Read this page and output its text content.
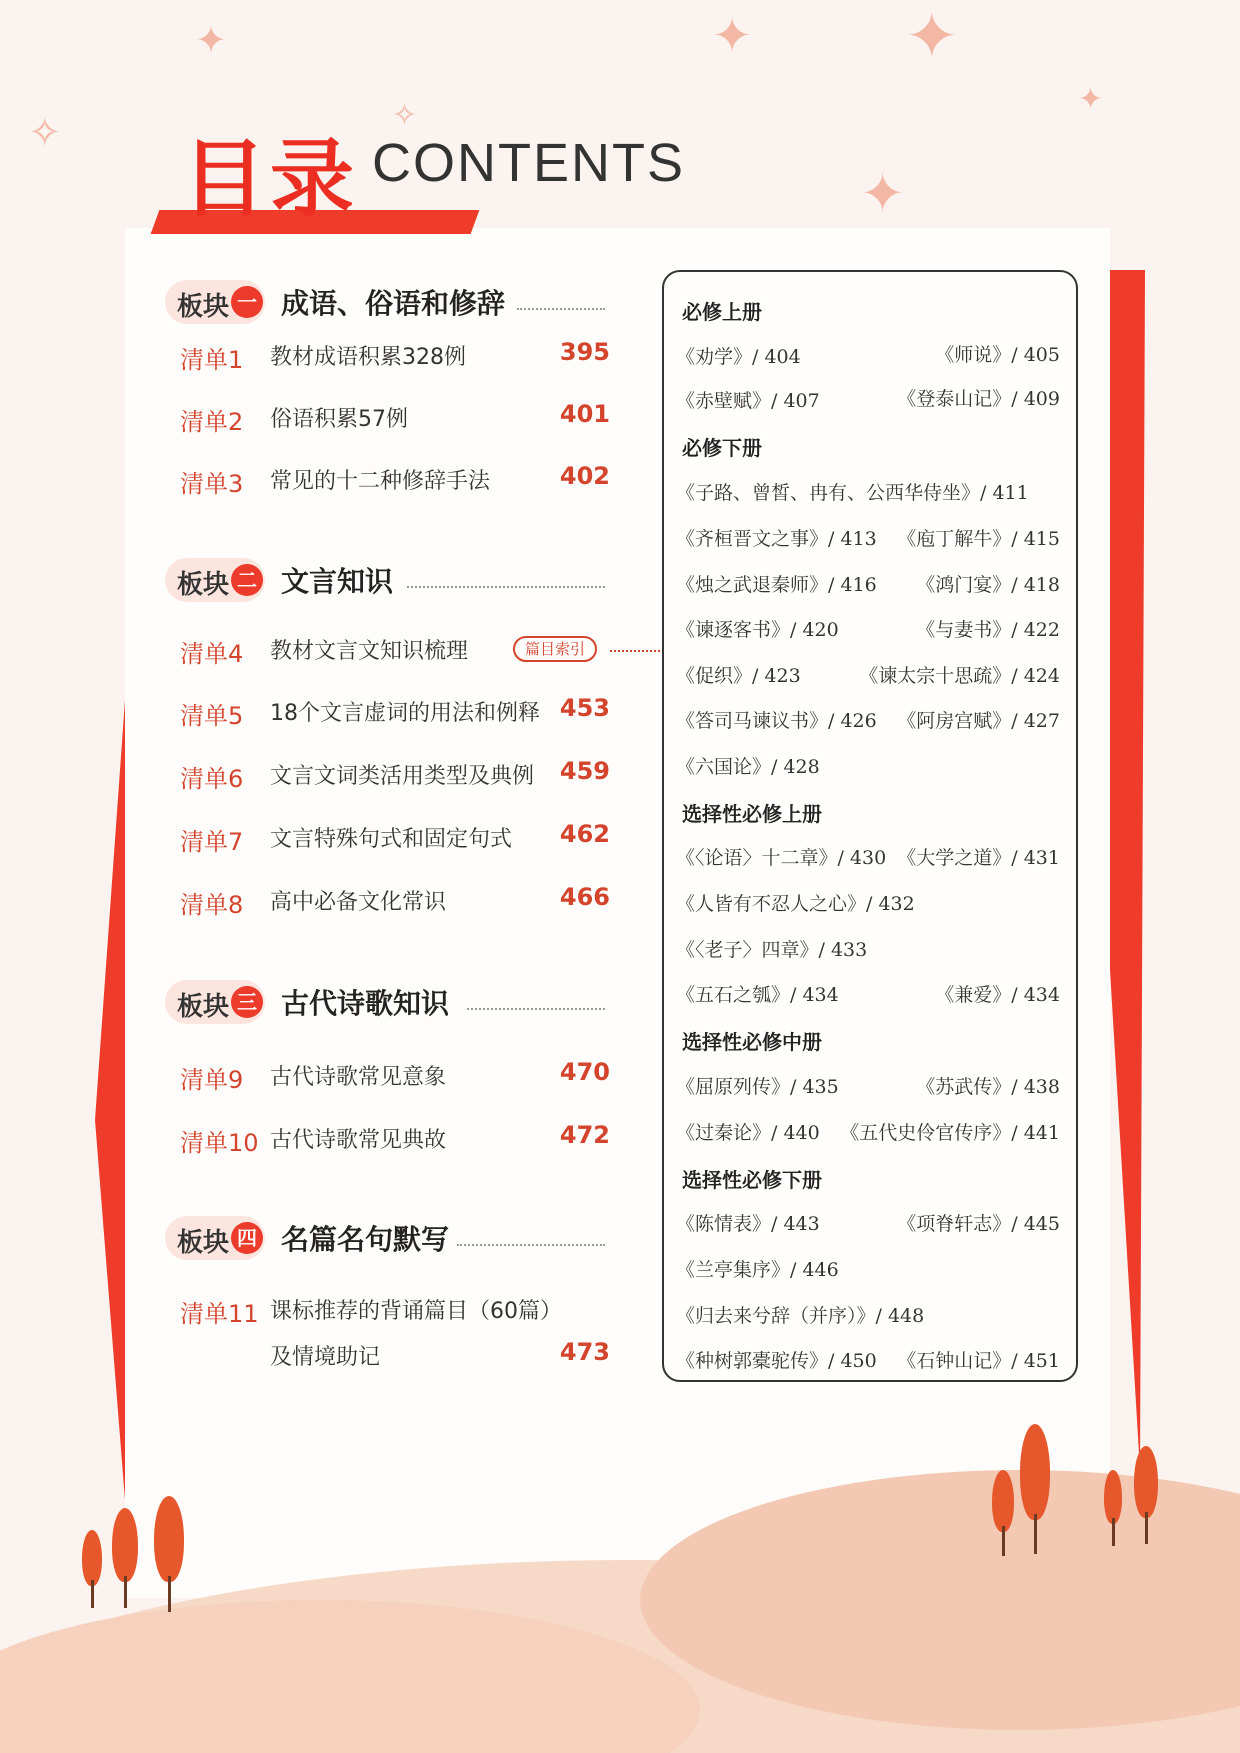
✦	✦ ✦
✦
✦
✧	✧
目录 CONTENTS
板块 一 成语、俗语和修辞
清单1 教材成语积累328例	395
清单2 俗语积累57例	401
清单3 常见的十二种修辞手法	402
板块 二 文言知识
清单4 教材文言文知识梳理	篇目索引
清单5 18个文言虚词的用法和例释 453
清单6 文言文词类活用类型及典例 459
清单7 文言特殊句式和固定句式 462
清单8 高中必备文化常识	466
板块 三 古代诗歌知识
清单9 古代诗歌常见意象	470
清单10 古代诗歌常见典故	472
板块 四 名篇名句默写
清单11 课标推荐的背诵篇目（60篇）
及情境助记	473
必修上册
《劝学》/ 404	《师说》/ 405
《赤壁赋》/ 407	《登泰山记》/ 409
必修下册
《子路、曾皙、冉有、公西华侍坐》/ 411
《齐桓晋文之事》/ 413 《庖丁解牛》/ 415
《烛之武退秦师》/ 416 《鸿门宴》/ 418
《谏逐客书》/ 420	《与妻书》/ 422
《促织》/ 423	《谏太宗十思疏》/ 424
《答司马谏议书》/ 426 《阿房宫赋》/ 427
《六国论》/ 428
选择性必修上册
《〈论语〉十二章》/ 430 《大学之道》/ 431
《人皆有不忍人之心》/ 432
《〈老子〉四章》/ 433
《五石之瓠》/ 434	《兼爱》/ 434
选择性必修中册
《屈原列传》/ 435	《苏武传》/ 438
《过秦论》/ 440 《五代史伶官传序》/ 441
选择性必修下册
《陈情表》/ 443	《项脊轩志》/ 445
《兰亭集序》/ 446
《归去来兮辞（并序）》/ 448
《种树郭橐驼传》/ 450 《石钟山记》/ 451
